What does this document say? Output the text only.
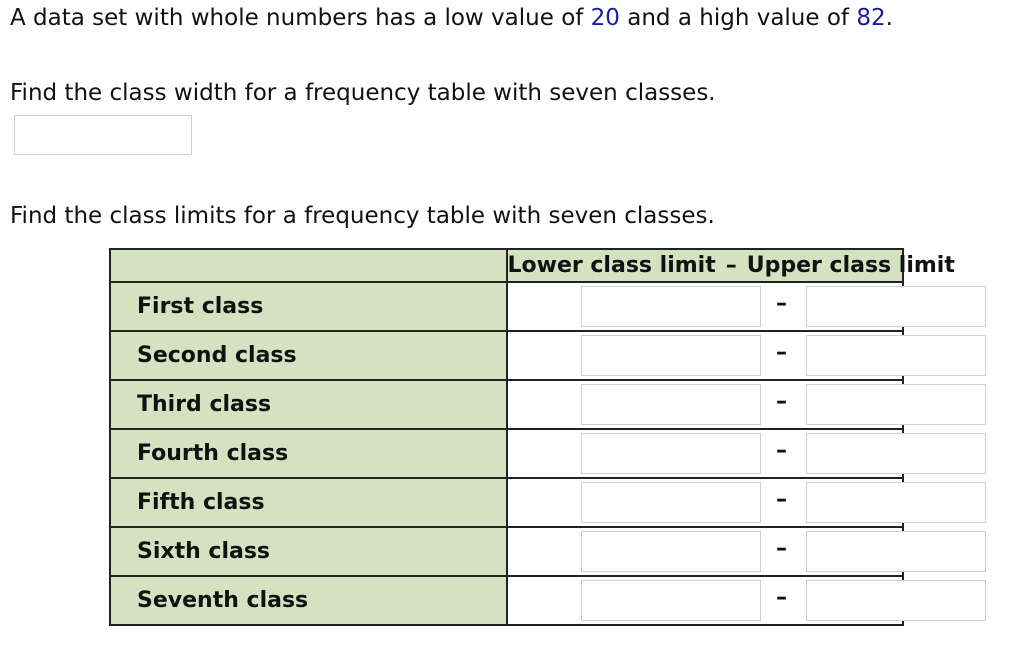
A data set with whole numbers has a low value of 20 and a high value of 82.
Find the class width for a frequency table with seven classes.
Find the class limits for a frequency table with seven classes.
	Lower class limit – Upper class limit
First class	–

Second class	–

Third class	–

Fourth class	–

Fifth class	–

Sixth class	–

Seventh class	–
